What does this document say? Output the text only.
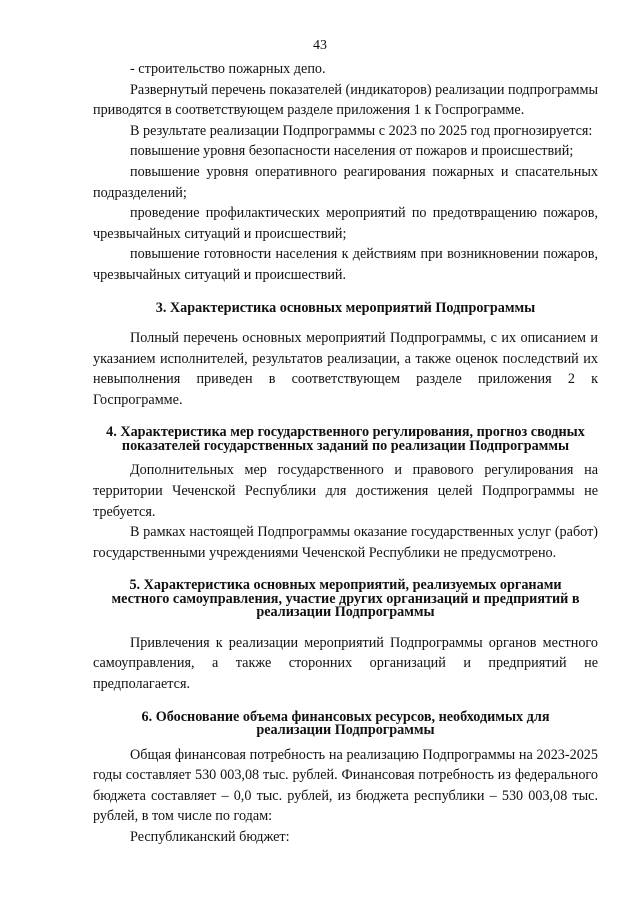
43

- строительство пожарных депо.

Развернутый перечень показателей (индикаторов) реализации подпрограммы приводятся в соответствующем разделе приложения 1 к Госпрограмме.

В результате реализации Подпрограммы с 2023 по 2025 год прогнозируется:

повышение уровня безопасности населения от пожаров и происшествий;

повышение уровня оперативного реагирования пожарных и спасательных подразделений;

проведение профилактических мероприятий по предотвращению пожаров, чрезвычайных ситуаций и происшествий;

повышение готовности населения к действиям при возникновении пожаров, чрезвычайных ситуаций и происшествий.

3. Характеристика основных мероприятий Подпрограммы

Полный перечень основных мероприятий Подпрограммы, с их описанием и указанием исполнителей, результатов реализации, а также оценок последствий их невыполнения приведен в соответствующем разделе приложения 2 к Госпрограмме.

4. Характеристика мер государственного регулирования, прогноз сводных показателей государственных заданий по реализации Подпрограммы

Дополнительных мер государственного и правового регулирования на территории Чеченской Республики для достижения целей Подпрограммы не требуется.

В рамках настоящей Подпрограммы оказание государственных услуг (работ) государственными учреждениями Чеченской Республики не предусмотрено.

5. Характеристика основных мероприятий, реализуемых органами местного самоуправления, участие других организаций и предприятий в реализации Подпрограммы

Привлечения к реализации мероприятий Подпрограммы органов местного самоуправления, а также сторонних организаций и предприятий не предполагается.

6. Обоснование объема финансовых ресурсов, необходимых для реализации Подпрограммы

Общая финансовая потребность на реализацию Подпрограммы на 2023-2025 годы составляет 530 003,08 тыс. рублей. Финансовая потребность из федерального бюджета составляет – 0,0 тыс. рублей, из бюджета республики – 530 003,08 тыс. рублей, в том числе по годам:

Республиканский бюджет:
